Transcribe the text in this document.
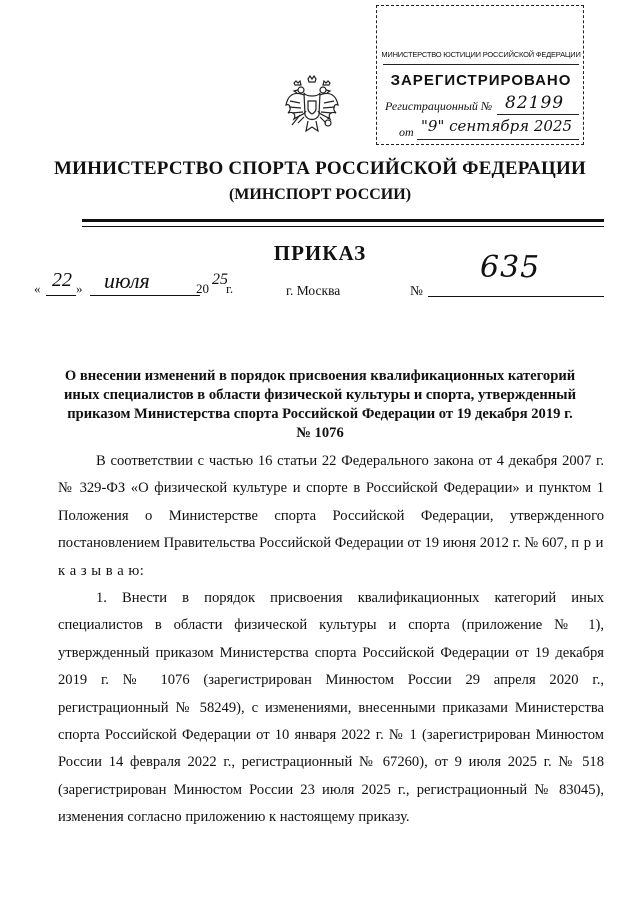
МИНИСТЕРСТВО ЮСТИЦИИ РОССИЙСКОЙ ФЕДЕРАЦИИ
ЗАРЕГИСТРИРОВАНО
Регистрационный № 82199
от "9" сентября 2025
МИНИСТЕРСТВО СПОРТА РОССИЙСКОЙ ФЕДЕРАЦИИ
(МИНСПОРТ РОССИИ)
ПРИКАЗ
« 22 » июля	20
25
г.	г. Москва	№
635
О внесении изменений в порядок присвоения квалификационных категорий иных специалистов в области физической культуры и спорта, утвержденный приказом Министерства спорта Российской Федерации от 19 декабря 2019 г. № 1076

В соответствии с частью 16 статьи 22 Федерального закона от 4 декабря 2007 г. № 329-ФЗ «О физической культуре и спорте в Российской Федерации» и пунктом 1 Положения о Министерстве спорта Российской Федерации, утвержденного постановлением Правительства Российской Федерации от 19 июня 2012 г. № 607, п р и к а з ы в а ю:

1. Внести в порядок присвоения квалификационных категорий иных специалистов в области физической культуры и спорта (приложение № 1), утвержденный приказом Министерства спорта Российской Федерации от 19 декабря 2019 г. № 1076 (зарегистрирован Минюстом России 29 апреля 2020 г., регистрационный № 58249), с изменениями, внесенными приказами Министерства спорта Российской Федерации от 10 января 2022 г. № 1 (зарегистрирован Минюстом России 14 февраля 2022 г., регистрационный № 67260), от 9 июля 2025 г. № 518 (зарегистрирован Минюстом России 23 июля 2025 г., регистрационный № 83045), изменения согласно приложению к настоящему приказу.
